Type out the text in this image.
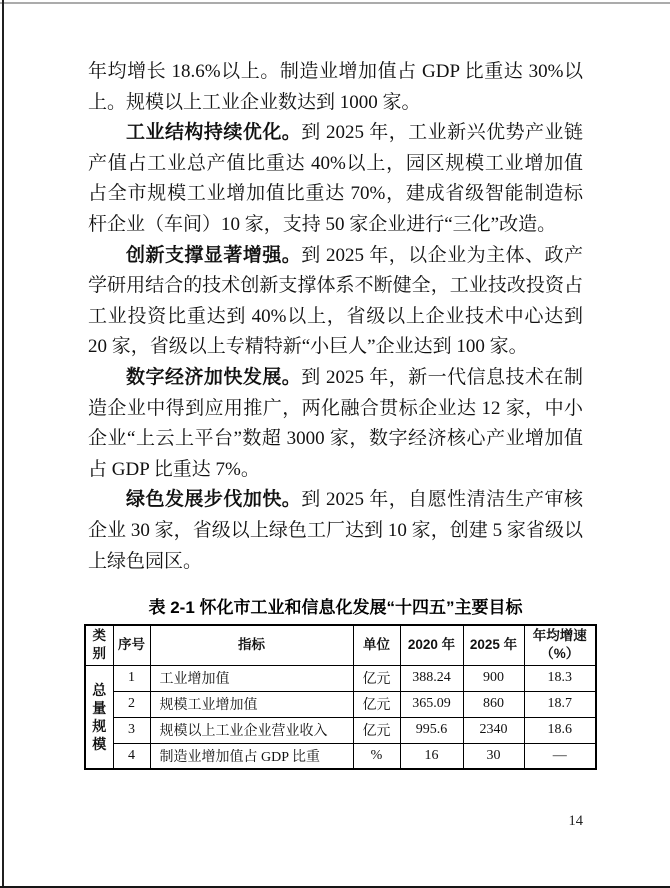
年均增长 18.6%以上。制造业增加值占 GDP 比重达 30%以上。规模以上工业企业数达到 1000 家。

工业结构持续优化。到 2025 年，工业新兴优势产业链产值占工业总产值比重达 40%以上，园区规模工业增加值占全市规模工业增加值比重达 70%，建成省级智能制造标杆企业（车间）10 家，支持 50 家企业进行“三化”改造。

创新支撑显著增强。到 2025 年，以企业为主体、政产学研用结合的技术创新支撑体系不断健全，工业技改投资占工业投资比重达到 40%以上，省级以上企业技术中心达到 20 家，省级以上专精特新“小巨人”企业达到 100 家。

数字经济加快发展。到 2025 年，新一代信息技术在制造企业中得到应用推广，两化融合贯标企业达 12 家，中小企业“上云上平台”数超 3000 家，数字经济核心产业增加值占 GDP 比重达 7%。

绿色发展步伐加快。到 2025 年，自愿性清洁生产审核企业 30 家，省级以上绿色工厂达到 10 家，创建 5 家省级以上绿色园区。

表 2-1 怀化市工业和信息化发展“十四五”主要目标
类别	序号	指标	单位	2020 年	2025 年	年均增速（%）

总量规模	1	工业增加值	亿元	388.24	900	18.3
	2	规模工业增加值	亿元	365.09	860	18.7
	3	规模以上工业企业营业收入	亿元	995.6	2340	18.6
	4	制造业增加值占 GDP 比重	%	16	30	—
14
